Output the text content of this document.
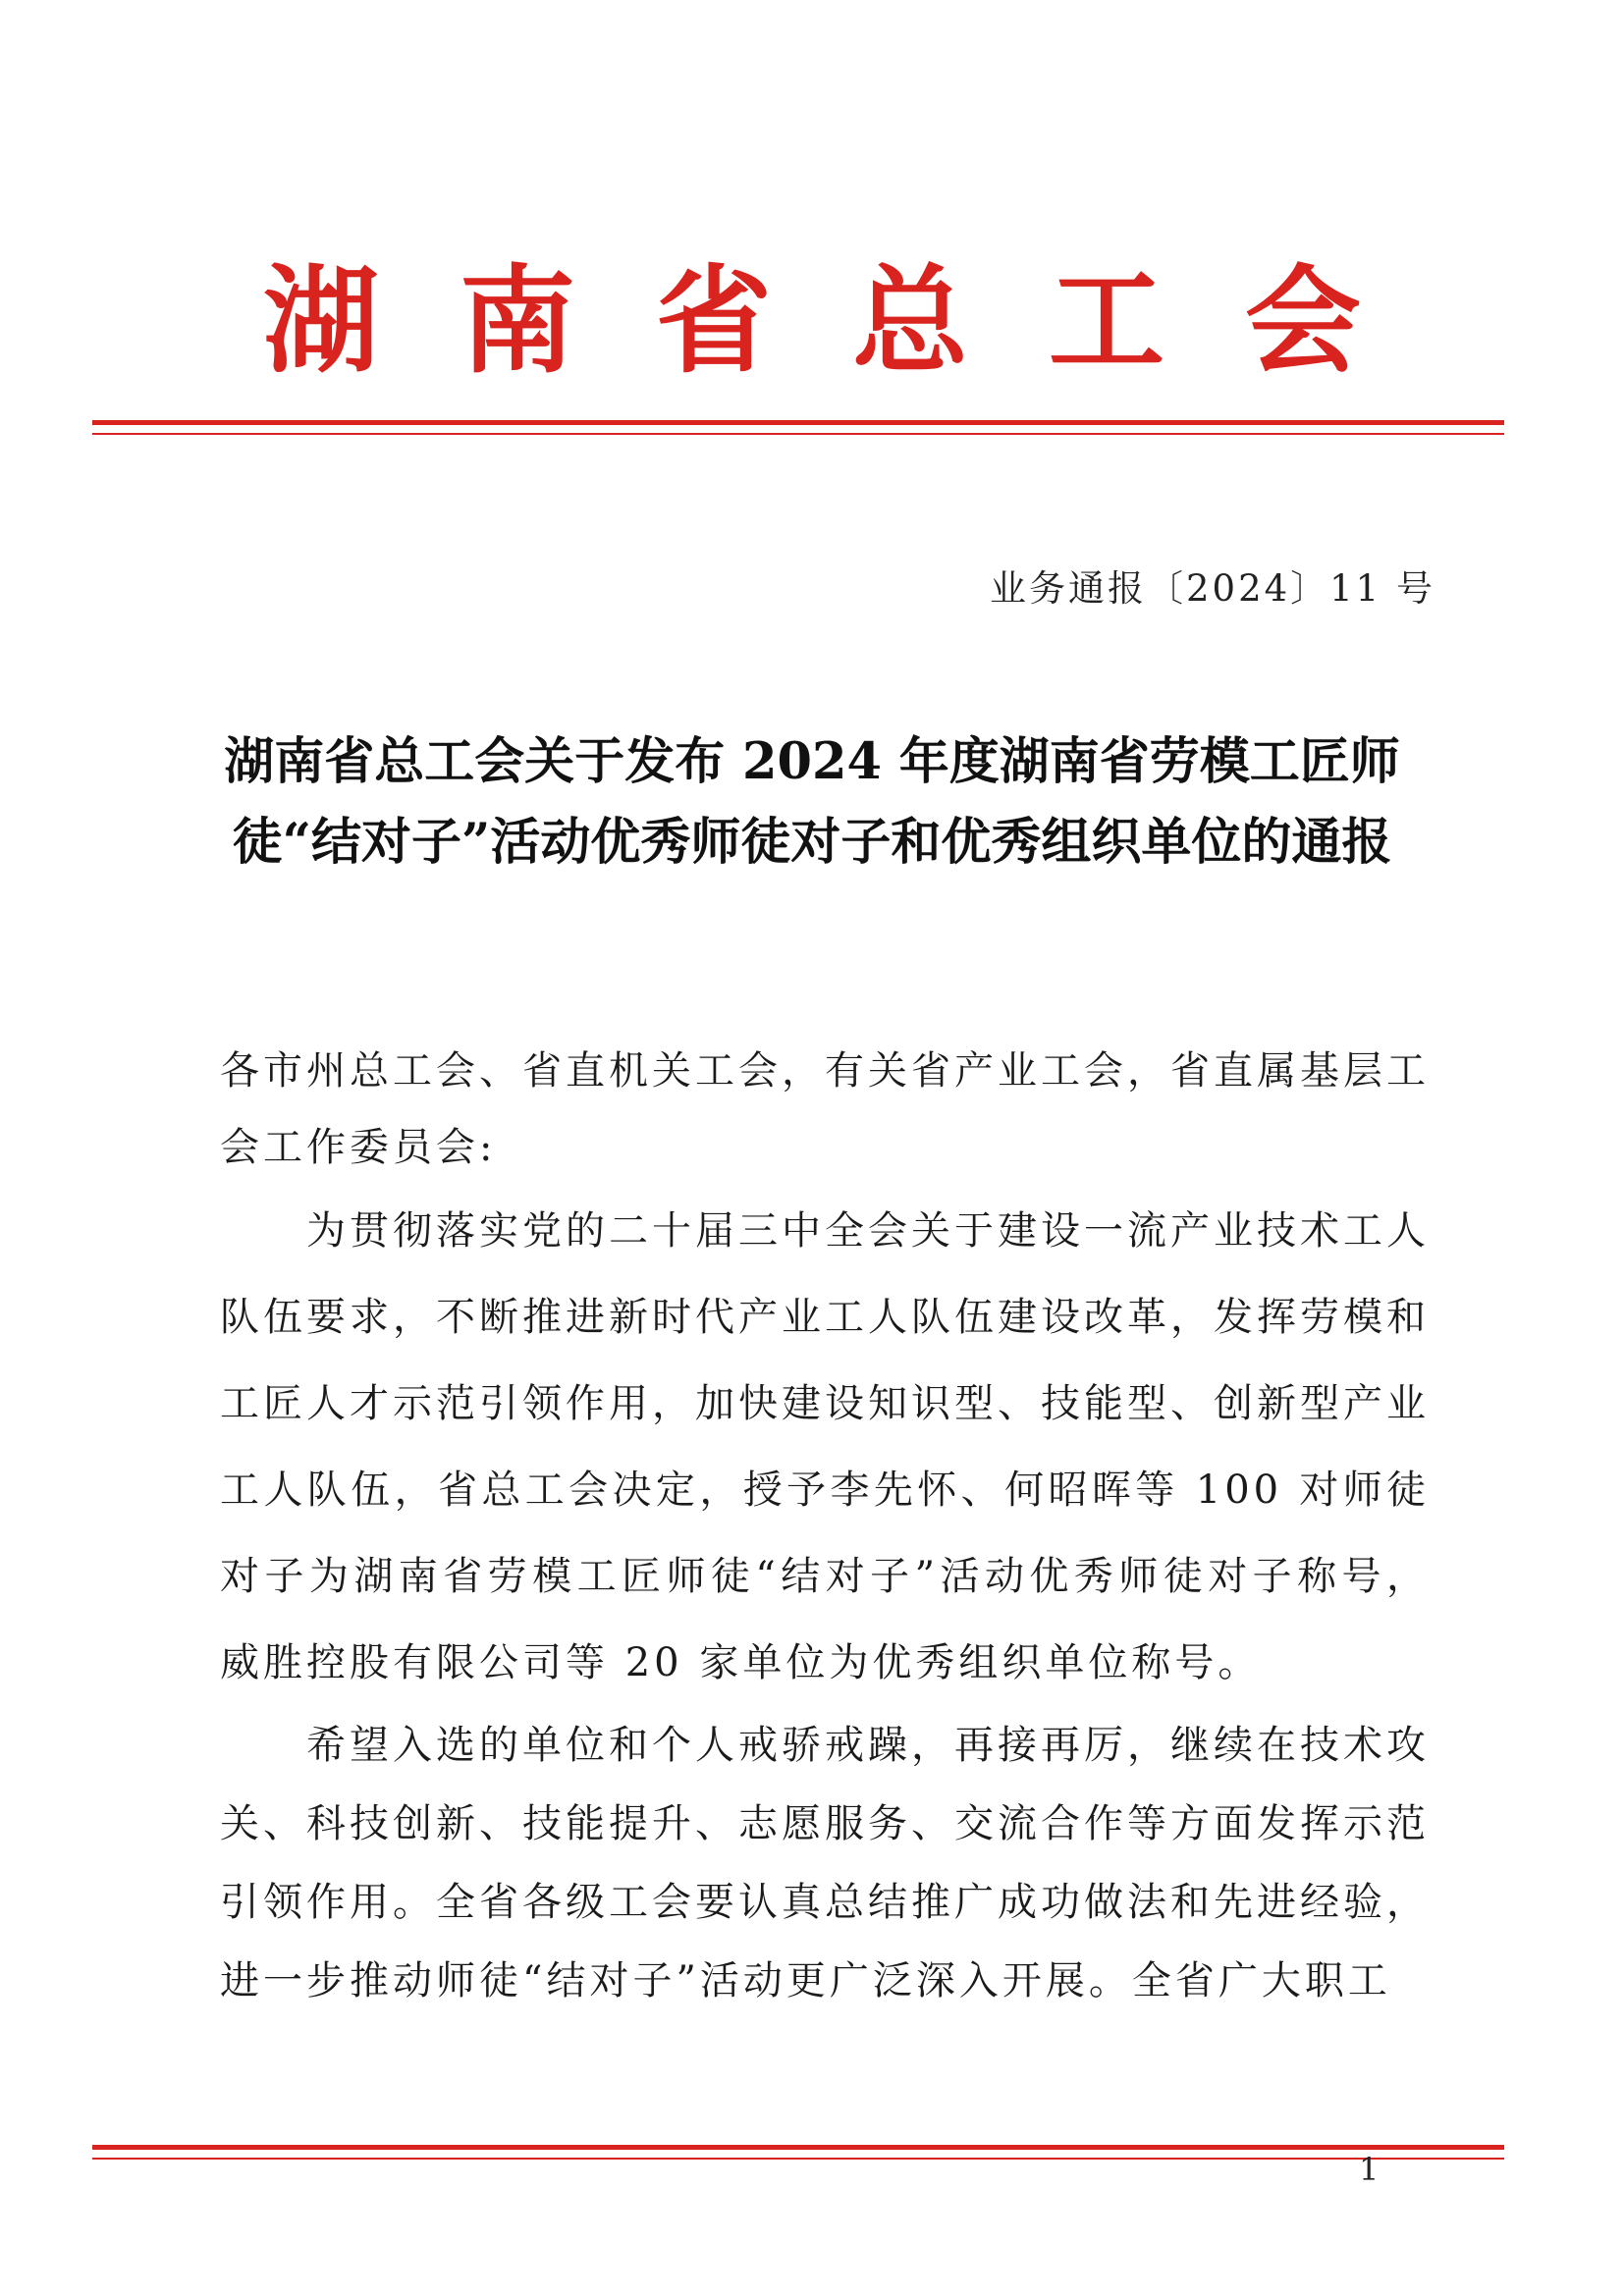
湖南省总工会
业务通报〔2024〕11 号
湖南省总工会关于发布 2024 年度湖南省劳模工匠师徒“结对子”活动优秀师徒对子和优秀组织单位的通报
各市州总工会、省直机关工会，有关省产业工会，省直属基层工会工作委员会:
为贯彻落实党的二十届三中全会关于建设一流产业技术工人队伍要求，不断推进新时代产业工人队伍建设改革，发挥劳模和工匠人才示范引领作用，加快建设知识型、技能型、创新型产业工人队伍，省总工会决定，授予李先怀、何昭晖等 100 对师徒对子为湖南省劳模工匠师徒“结对子”活动优秀师徒对子称号，威胜控股有限公司等 20 家单位为优秀组织单位称号。
希望入选的单位和个人戒骄戒躁，再接再厉，继续在技术攻关、科技创新、技能提升、志愿服务、交流合作等方面发挥示范引领作用。全省各级工会要认真总结推广成功做法和先进经验，进一步推动师徒“结对子”活动更广泛深入开展。全省广大职工
1
